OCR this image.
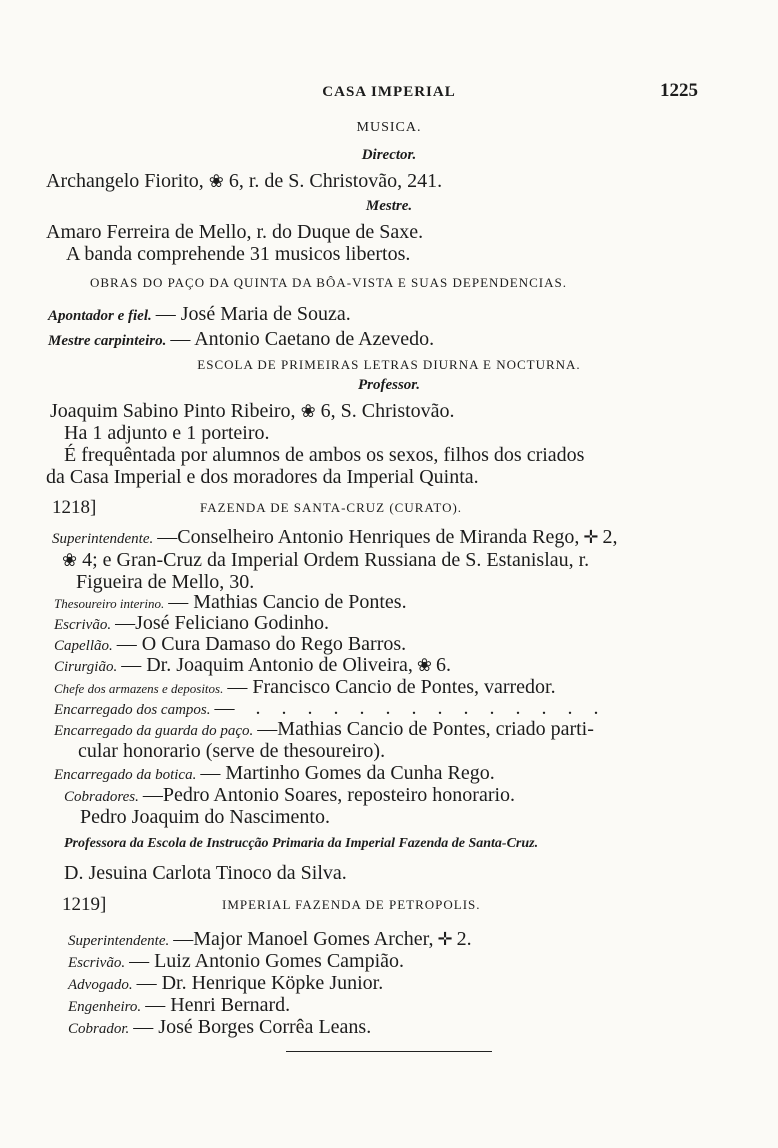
CASA IMPERIAL	1225
MUSICA.
Director.
Archangelo Fiorito, ❀ 6, r. de S. Christovão, 241.
Mestre.
Amaro Ferreira de Mello, r. do Duque de Saxe.
A banda comprehende 31 musicos libertos.
OBRAS DO PAÇO DA QUINTA DA BÔA-VISTA E SUAS DEPENDENCIAS.
Apontador e fiel. — José Maria de Souza.
Mestre carpinteiro. — Antonio Caetano de Azevedo.
ESCOLA DE PRIMEIRAS LETRAS DIURNA E NOCTURNA.
Professor.
Joaquim Sabino Pinto Ribeiro, ❀ 6, S. Christovão.
Ha 1 adjunto e 1 porteiro.
É frequêntada por alumnos de ambos os sexos, filhos dos criados
da Casa Imperial e dos moradores da Imperial Quinta.
1218]	FAZENDA DE SANTA-CRUZ (CURATO).
Superintendente. —Conselheiro Antonio Henriques de Miranda Rego, ✛ 2,
❀ 4; e Gran-Cruz da Imperial Ordem Russiana de S. Estanislau, r.
Figueira de Mello, 30.
Thesoureiro interino. — Mathias Cancio de Pontes.
Escrivão. —José Feliciano Godinho.
Capellão. — O Cura Damaso do Rego Barros.
Cirurgião. — Dr. Joaquim Antonio de Oliveira, ❀ 6.
Chefe dos armazens e depositos. — Francisco Cancio de Pontes, varredor.
Encarregado dos campos. — . . . . . . . . . . . . . .
Encarregado da guarda do paço. —Mathias Cancio de Pontes, criado parti-
cular honorario (serve de thesoureiro).
Encarregado da botica. — Martinho Gomes da Cunha Rego.
Cobradores. —Pedro Antonio Soares, reposteiro honorario.
Pedro Joaquim do Nascimento.
Professora da Escola de Instrucção Primaria da Imperial Fazenda de Santa-Cruz.
D. Jesuina Carlota Tinoco da Silva.
1219]	IMPERIAL FAZENDA DE PETROPOLIS.
Superintendente. —Major Manoel Gomes Archer, ✛ 2.
Escrivão. — Luiz Antonio Gomes Campião.
Advogado. — Dr. Henrique Köpke Junior.
Engenheiro. — Henri Bernard.
Cobrador. — José Borges Corrêa Leans.
